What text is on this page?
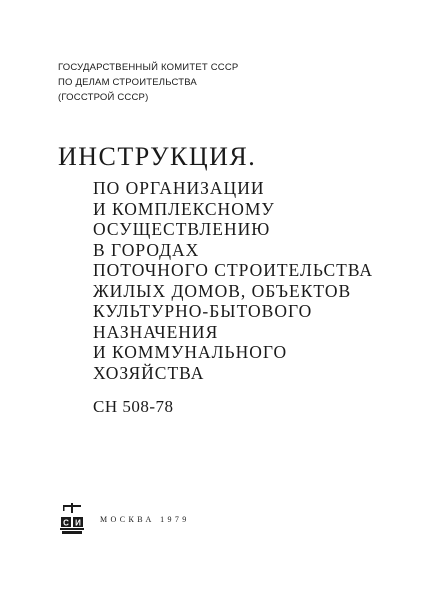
ГОСУДАРСТВЕННЫЙ КОМИТЕТ СССР
ПО ДЕЛАМ СТРОИТЕЛЬСТВА
(ГОССТРОЙ СССР)
ИНСТРУКЦИЯ.
ПО ОРГАНИЗАЦИИ
И КОМПЛЕКСНОМУ
ОСУЩЕСТВЛЕНИЮ
В ГОРОДАХ
ПОТОЧНОГО СТРОИТЕЛЬСТВА
ЖИЛЫХ ДОМОВ, ОБЪЕКТОВ
КУЛЬТУРНО-БЫТОВОГО
НАЗНАЧЕНИЯ
И КОММУНАЛЬНОГО
ХОЗЯЙСТВА
СН 508-78
С И МОСКВА 1979
